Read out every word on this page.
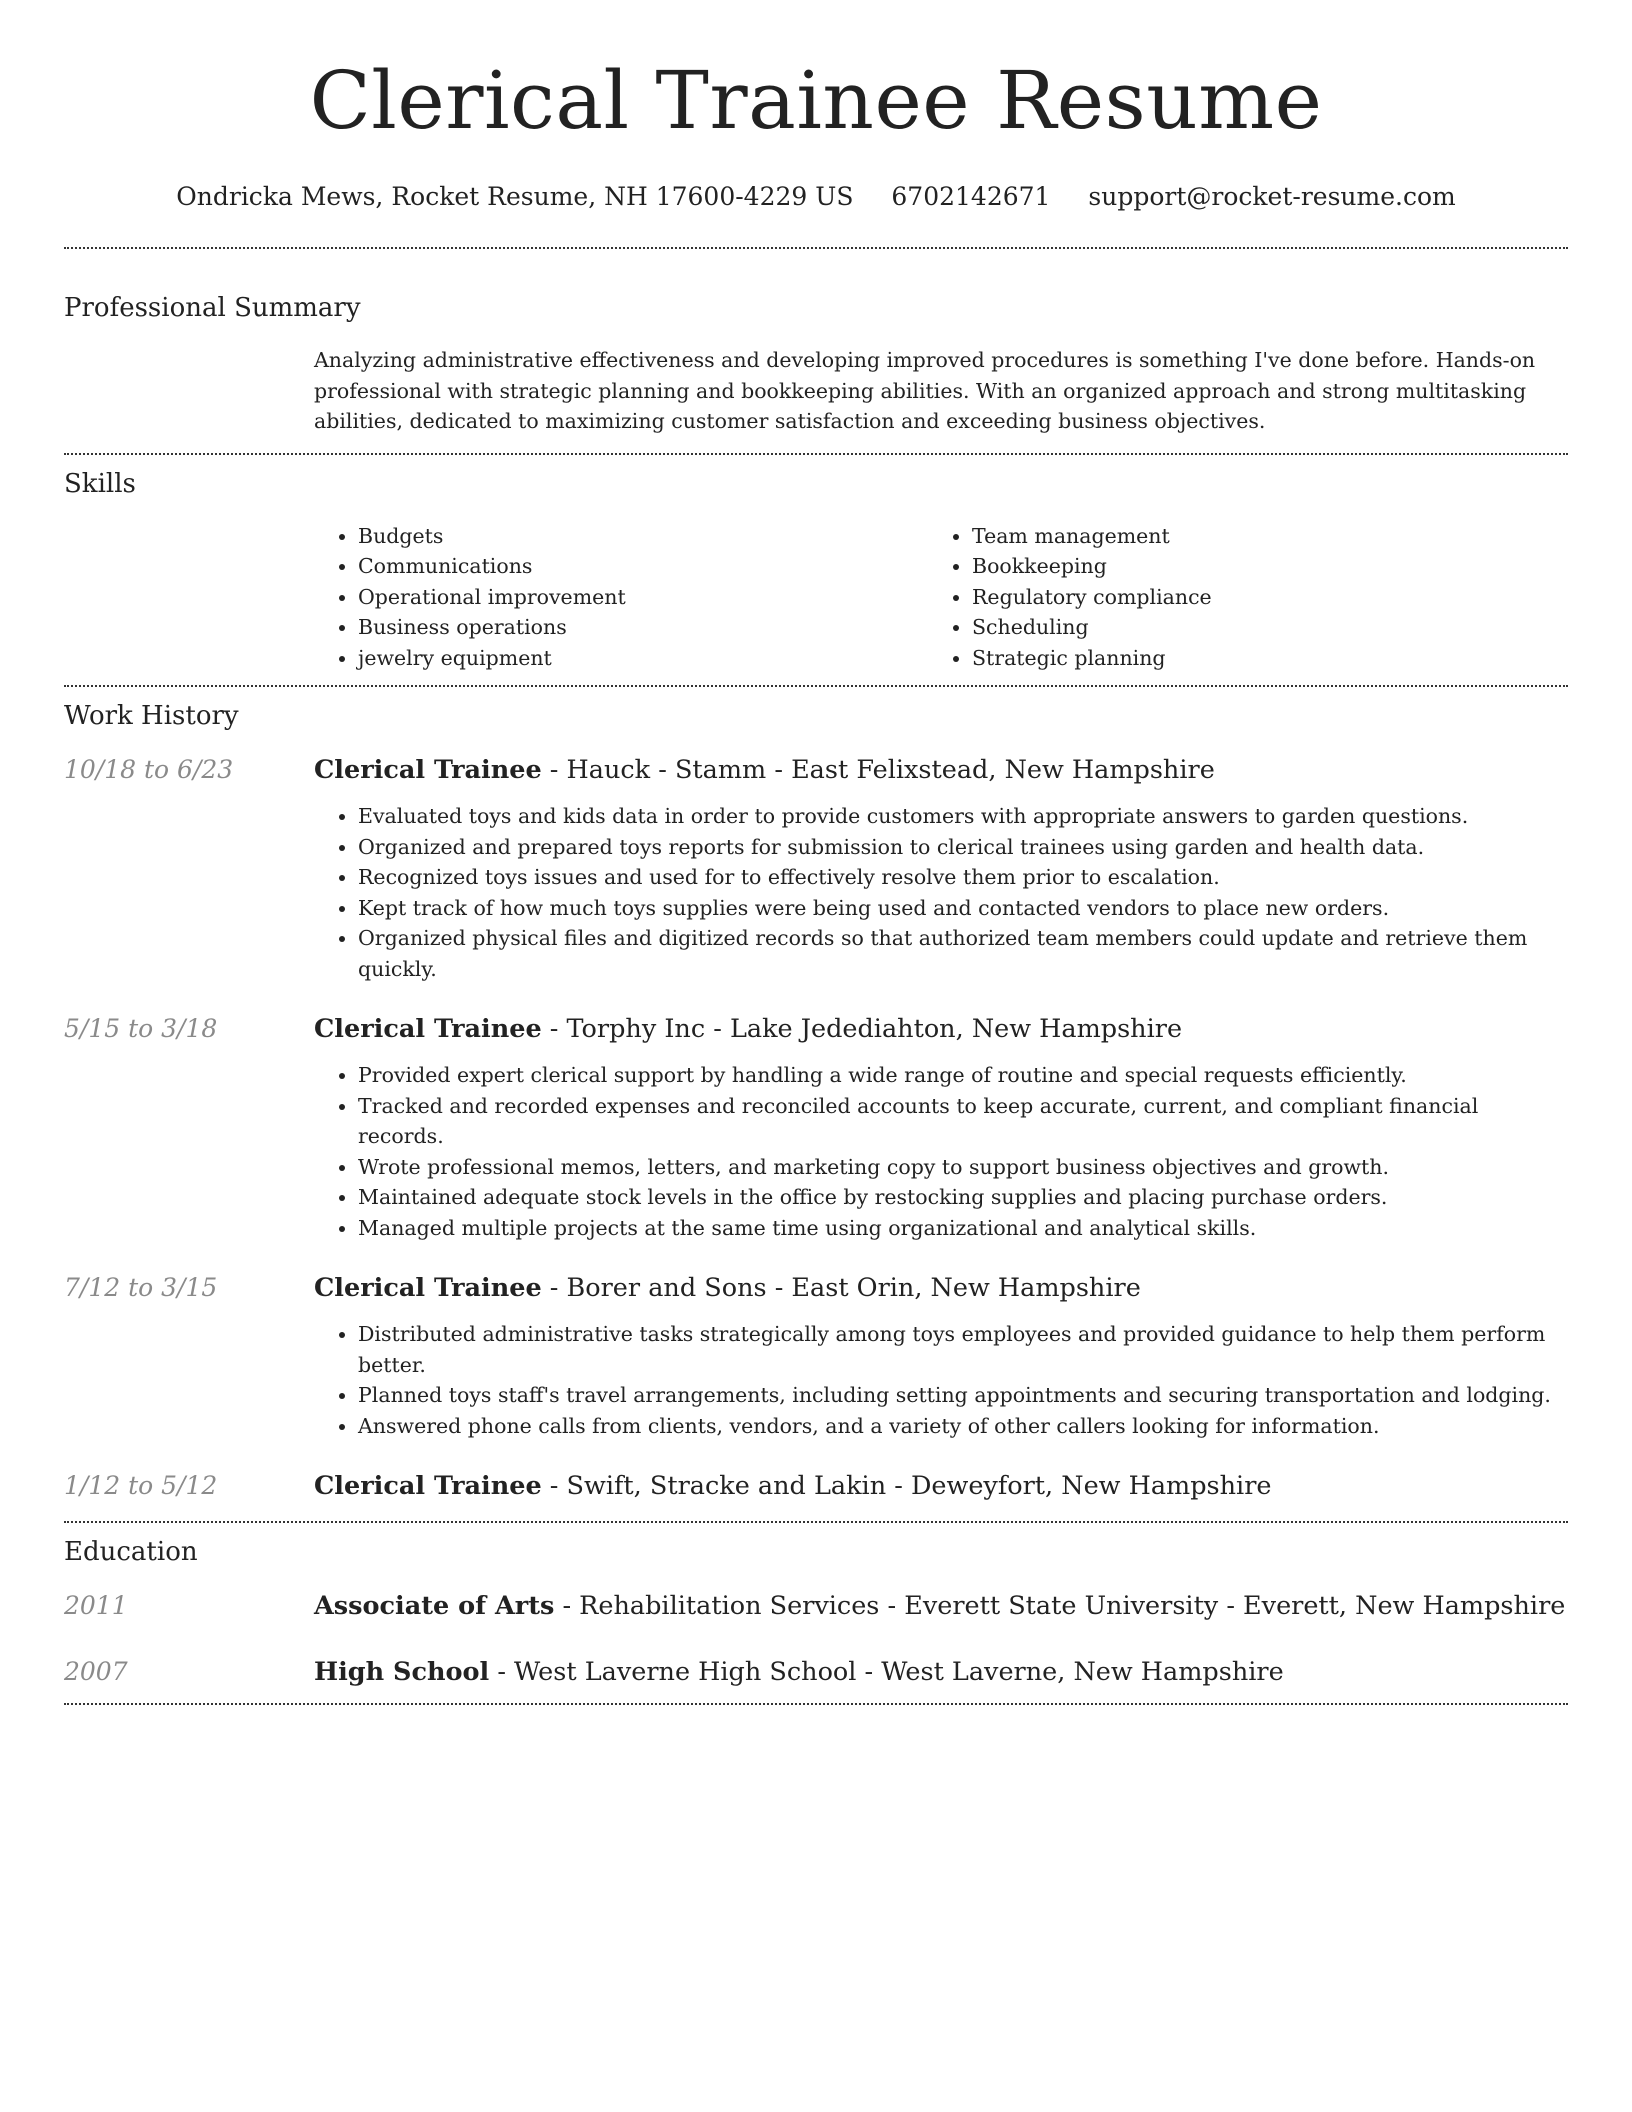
Clerical Trainee Resume
Ondricka Mews, Rocket Resume, NH 17600-4229 US 6702142671 support@rocket-resume.com
Professional Summary

Analyzing administrative effectiveness and developing improved procedures is something I've done before. Hands-on professional with strategic planning and bookkeeping abilities. With an organized approach and strong multitasking abilities, dedicated to maximizing customer satisfaction and exceeding business objectives.

Skills
• Budgets
• Communications
• Operational improvement
• Business operations
• jewelry equipment
• Team management
• Bookkeeping
• Regulatory compliance
• Scheduling
• Strategic planning
Work History
10/18 to 6/23	Clerical Trainee - Hauck - Stamm - East Felixstead, New Hampshire
• Evaluated toys and kids data in order to provide customers with appropriate answers to garden questions.
• Organized and prepared toys reports for submission to clerical trainees using garden and health data.
• Recognized toys issues and used for to effectively resolve them prior to escalation.
• Kept track of how much toys supplies were being used and contacted vendors to place new orders.
• Organized physical files and digitized records so that authorized team members could update and retrieve them quickly.
5/15 to 3/18	Clerical Trainee - Torphy Inc - Lake Jedediahton, New Hampshire
• Provided expert clerical support by handling a wide range of routine and special requests efficiently.
• Tracked and recorded expenses and reconciled accounts to keep accurate, current, and compliant financial records.
• Wrote professional memos, letters, and marketing copy to support business objectives and growth.
• Maintained adequate stock levels in the office by restocking supplies and placing purchase orders.
• Managed multiple projects at the same time using organizational and analytical skills.
7/12 to 3/15	Clerical Trainee - Borer and Sons - East Orin, New Hampshire
• Distributed administrative tasks strategically among toys employees and provided guidance to help them perform better.
• Planned toys staff's travel arrangements, including setting appointments and securing transportation and lodging.
• Answered phone calls from clients, vendors, and a variety of other callers looking for information.
1/12 to 5/12	Clerical Trainee - Swift, Stracke and Lakin - Deweyfort, New Hampshire
Education
2011	Associate of Arts - Rehabilitation Services - Everett State University - Everett, New Hampshire
2007	High School - West Laverne High School - West Laverne, New Hampshire
